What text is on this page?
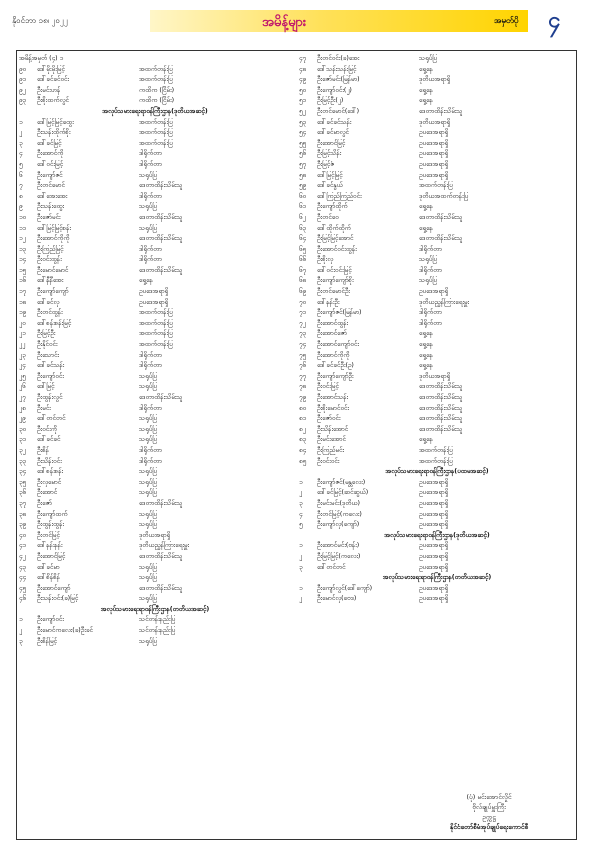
နိုဝင်ဘာ ၁၈၊ ၂၀၂၂	အမိန့်များ	အမှတ်ပို	၄
အမိန့်အမှတ် (၄) ၁
၉၀	ဒေါ်မိုးမိုးမြင့်	အထက်တန်းပြ
၉၁	ဒေါ်ခင်ခင်ဝင်း	အထက်တန်းပြ
၉၂	ဦးမင်းဟန်	ကထိက (ငြိမ်း)
၉၃	ဦးစိုးထက်လွင်	ကထိက (ငြိမ်း)
အလုပ်သမားရေးရာဝန်ကြီးဌာန(ဒုတိယအဆင့်)
၁	ဒေါ်မြင့်မြင့်ထွေး	အထက်တန်းပြ
၂	ဦးသန်းထိုက်စိုး	အထက်တန်းပြ
၃	ဒေါ်ခင်မြင့်	အထက်တန်းပြ
၄	ဦးအောင်ကို	ဒါရိုက်တာ
၅	ဒေါ်ဝင်းမြင့်	ဒါရိုက်တာ
၆	ဦးကျော်ဇင်	သရုပ်ပြ
၇	ဦးတင်မောင်	ဒေတာထိန်းသိမ်းသူ
၈	ဒေါ်အေးအေး	ဒါရိုက်တာ
၉	ဦးသန်းထွေး	သရုပ်ပြ
၁၀	ဦးဇော်မင်း	ဒေတာထိန်းသိမ်းသူ
၁၁	ဒေါ်မြင့်မြင့်စန်း	သရုပ်ပြ
၁၂	ဦးအောင်ကိုကို	ဒေတာထိန်းသိမ်းသူ
၁၃	ဦးကြည်မြင့်	ဒါရိုက်တာ
၁၄	ဦးဝင်းထွန်း	ဒါရိုက်တာ
၁၅	ဦးမောင်မောင်	ဒေတာထိန်းသိမ်းသူ
၁၆	ဒေါ်နီနီအေး	ရှေ့နေ
၁၇	ဦးကျော်ကျော်	ဥပဒေအရာရှိ
၁၈	ဒေါ်ခင်လှ	ဥပဒေအရာရှိ
၁၉	ဦးတင်ထွန်း	အထက်တန်းပြ
၂၀	ဒေါ်စန်းစန်းမြင့်	အထက်တန်းပြ
၂၁	ဦးမြင့်ဦး	အထက်တန်းပြ
၂၂	ဦးနိုင်ဝင်း	အထက်တန်းပြ
၂၃	ဦးသောင်း	ဒါရိုက်တာ
၂၄	ဒေါ်ခင်သန်း	ဒါရိုက်တာ
၂၅	ဦးကျော်ဝင်း	သရုပ်ပြ
၂၆	ဒေါ်မြင့်	သရုပ်ပြ
၂၇	ဦးထွန်းလွင်	ဒေတာထိန်းသိမ်းသူ
၂၈	ဦးမင်း	ဒါရိုက်တာ
၂၉	ဒေါ်တင်တင်	သရုပ်ပြ
၃၀	ဦးဝင်းကို	သရုပ်ပြ
၃၁	ဒေါ်ခင်ခင်	သရုပ်ပြ
၃၂	ဦးစိန်	ဒါရိုက်တာ
၃၃	ဦးသိန်းဝင်း	ဒါရိုက်တာ
၃၄	ဒေါ်စန်းစန်း	သရုပ်ပြ
၃၅	ဦးလှမောင်	သရုပ်ပြ
၃၆	ဦးအောင်	သရုပ်ပြ
၃၇	ဦးဇော်	ဒေတာထိန်းသိမ်းသူ
၃၈	ဦးကျော်ထက်	သရုပ်ပြ
၃၉	ဦးထွန်းထွန်း	သရုပ်ပြ
၄၀	ဦးတင်မြင့်	ဒုတိယအရာရှိ
၄၁	ဒေါ်နန်းနန်း	ဒုတိယညွှန်ကြားရေးမှူး
၄၂	ဦးအောင်မြင့်	ဒေတာထိန်းသိမ်းသူ
၄၃	ဒေါ်ခင်မာ	သရုပ်ပြ
၄၄	ဒေါ်စိန်စိန်	သရုပ်ပြ
၄၅	ဦးအောင်ကျော်	ဒေတာထိန်းသိမ်းသူ
၄၆	ဦးသန်းဝင်း(ခ)မြင့်	သရုပ်ပြ
အလုပ်သမားရေးရာဝန်ကြီးဌာန(တတိယအဆင့်)
၁	ဦးကျော်ဝင်း	သင်တန်းနည်းပြ
၂	ဦးမောင်ကလေး(ခ)ဦးခင်	သင်တန်းနည်းပြ
၃	ဦးစိန်မြင့်	သရုပ်ပြ
၄၇	ဦးတင်ဝင်း(ခ)အေး	သရုပ်ပြ
၄၈	ဒေါ်သန်းသန်းမြင့်	ရှေ့နေ
၄၉	ဦးဇော်မင်း(မြန်မာ)	ဒုတိယအရာရှိ
၅၀	ဦးကျော်ဝင်း(၂)	ရှေ့နေ
၅၁	ဦးမြင့်ဦး(၂)	ရှေ့နေ
၅၂	ဦးတင်မောင်(ဒေါ်)	ဒေတာထိန်းသိမ်းသူ
၅၃	ဒေါ်ခင်ခင်သန်း	ဒုတိယအရာရှိ
၅၄	ဒေါ်ခင်မာလွင်	ဥပဒေအရာရှိ
၅၅	ဦးအောင်မြင့်	ဥပဒေအရာရှိ
၅၆	ဦးမြင့်သိန်း	ဥပဒေအရာရှိ
၅၇	ဦးမြင့်ဇံ	ဥပဒေအရာရှိ
၅၈	ဒေါ်မြင့်မြင့်	ဥပဒေအရာရှိ
၅၉	ဒေါ်ခင်နွယ်	အထက်တန်းပြ
၆၀	ဒေါ်ကြည်ကြည်ဝင်း	ဒုတိယအထက်တန်းပြ
၆၁	ဦးကျော်ထိုက်	ရှေ့နေ
၆၂	ဦးတင်ဝေ	ဒေတာထိန်းသိမ်းသူ
၆၃	ဒေါ်ထိုက်ထိုက်	ရှေ့နေ
၆၄	ဦးမြင့်မြင့်အောင်	ဒေတာထိန်းသိမ်းသူ
၆၅	ဦးအောင်ဝင်းထွန်း	ဒါရိုက်တာ
၆၆	ဦးစိုးလှ	သရုပ်ပြ
၆၇	ဒေါ်ဝင်းဝင်းမြင့်	ဒါရိုက်တာ
၆၈	ဦးကျော်ကျော်စိုး	သရုပ်ပြ
၆၉	ဦးတင်မောင်ဦး	ဥပဒေအရာရှိ
၇၀	ဒေါ်နန်းဦး	ဒုတိယညွှန်ကြားရေးမှူး
၇၁	ဦးကျော်ဇင်(မြန်မာ)	ဒါရိုက်တာ
၇၂	ဦးအောင်ထွန်း	ဒါရိုက်တာ
၇၃	ဦးအောင်ဇော်	ရှေ့နေ
၇၄	ဦးအောင်ကျော်ဝင်း	ရှေ့နေ
၇၅	ဦးအောင်ကိုကို	ရှေ့နေ
၇၆	ဒေါ်ခင်ခင်ဦး(ဥ)	ရှေ့နေ
၇၇	ဦးကျော်ကျော်ဦး	ဒုတိယအရာရှိ
၇၈	ဦးဝင်းမြင့်	ဒေတာထိန်းသိမ်းသူ
၇၉	ဦးအောင်သန်း	ဒေတာထိန်းသိမ်းသူ
၈၀	ဦးစိုးမောင်ဝင်း	ဒေတာထိန်းသိမ်းသူ
၈၁	ဦးဇော်ဝင်း	ဒေတာထိန်းသိမ်းသူ
၈၂	ဦးသိန်းအောင်	ဒေတာထိန်းသိမ်းသူ
၈၃	ဦးမင်းအောင်	ရှေ့နေ
၈၄	ဦးကြည်မင်း	အထက်တန်းပြ
၈၅	ဦးဝင်းဝင်း	အထက်တန်းပြ
အလုပ်သမားရေးရာဝန်ကြီးဌာန(ပထမအဆင့်)
၁	ဦးကျော်ဇင်(မန္တလေး)	ဥပဒေအရာရှိ
၂	ဒေါ်ခင်မြင့်(ဆင်ဆွယ်)	ဥပဒေအရာရှိ
၃	ဦးမင်းမင်း(ဒုတိယ)	ဥပဒေအရာရှိ
၄	ဦးတင်မြင့်(ကလေး)	ဥပဒေအရာရှိ
၅	ဦးကျော်လှ(ကျော်)	ဥပဒေအရာရှိ
အလုပ်သမားရေးရာဝန်ကြီးဌာန(ဒုတိယအဆင့်)
၁	ဦးအောင်မင်း(ဗန်း)	ဥပဒေအရာရှိ
၂	ဦးမြင့်မြင့်(ကလေး)	ဥပဒေအရာရှိ
၃	ဒေါ်တင်တင်	ဥပဒေအရာရှိ
အလုပ်သမားရေးရာဝန်ကြီးဌာန(တတိယအဆင့်)
၁	ဦးကျော်လွင်(ဒေါ်ကျော်)	ဥပဒေအရာရှိ
၂	ဦးမောင်လှ(ဗေဒ)	ဥပဒေအရာရှိ
(ပုံ) မင်းအောင်လှိုင်
ဗိုလ်ချုပ်မှူးကြီး
ဥက္ကဋ္ဌ
နိုင်ငံတော်စီမံအုပ်ချုပ်ရေးကောင်စီ
